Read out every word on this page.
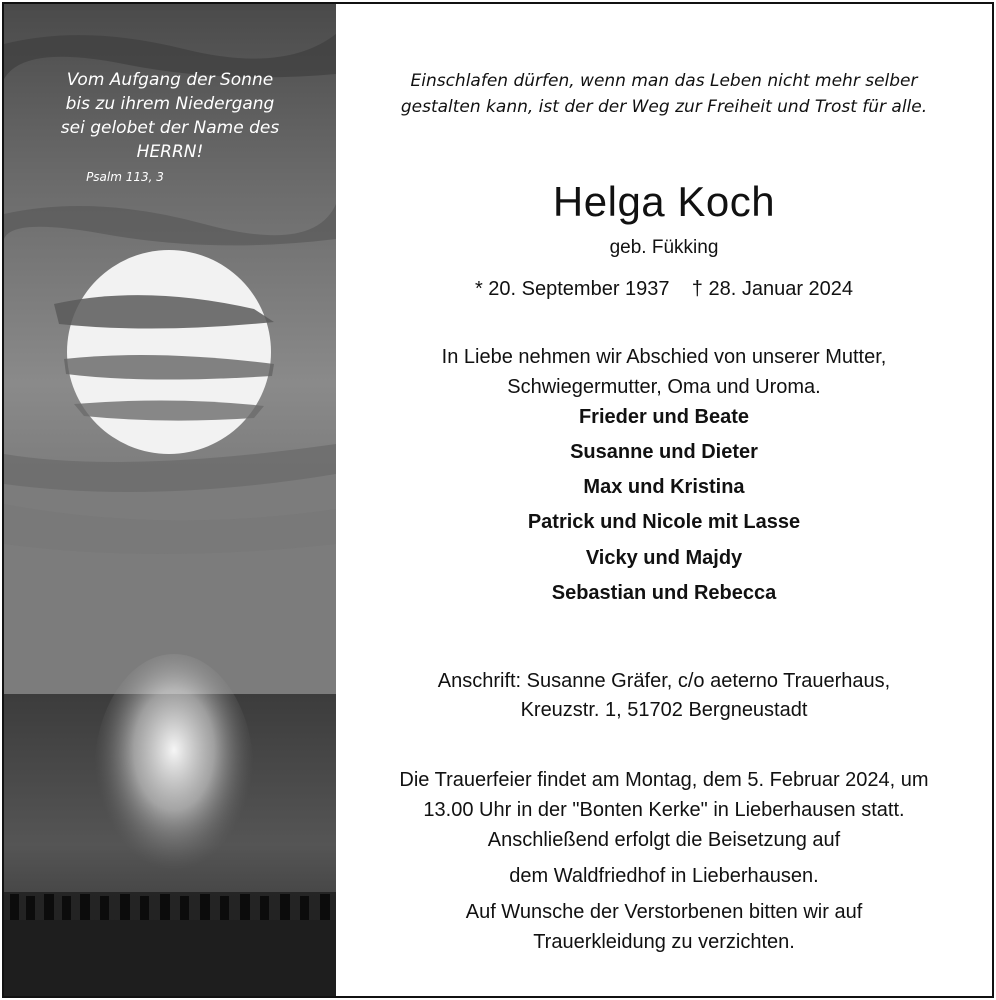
Vom Aufgang der Sonne
bis zu ihrem Niedergang
sei gelobet der Name des
HERRN!
Psalm 113, 3
Einschlafen dürfen, wenn man das Leben nicht mehr selber
gestalten kann, ist der der Weg zur Freiheit und Trost für alle.
Helga Koch
geb. Fükking
* 20. September 1937 † 28. Januar 2024
In Liebe nehmen wir Abschied von unserer Mutter,
Schwiegermutter, Oma und Uroma.
Frieder und Beate
Susanne und Dieter
Max und Kristina
Patrick und Nicole mit Lasse
Vicky und Majdy
Sebastian und Rebecca
Anschrift: Susanne Gräfer, c/o aeterno Trauerhaus,
Kreuzstr. 1, 51702 Bergneustadt
Die Trauerfeier findet am Montag, dem 5. Februar 2024, um
13.00 Uhr in der "Bonten Kerke" in Lieberhausen statt.
Anschließend erfolgt die Beisetzung auf
dem Waldfriedhof in Lieberhausen.
Auf Wunsche der Verstorbenen bitten wir auf
Trauerkleidung zu verzichten.
